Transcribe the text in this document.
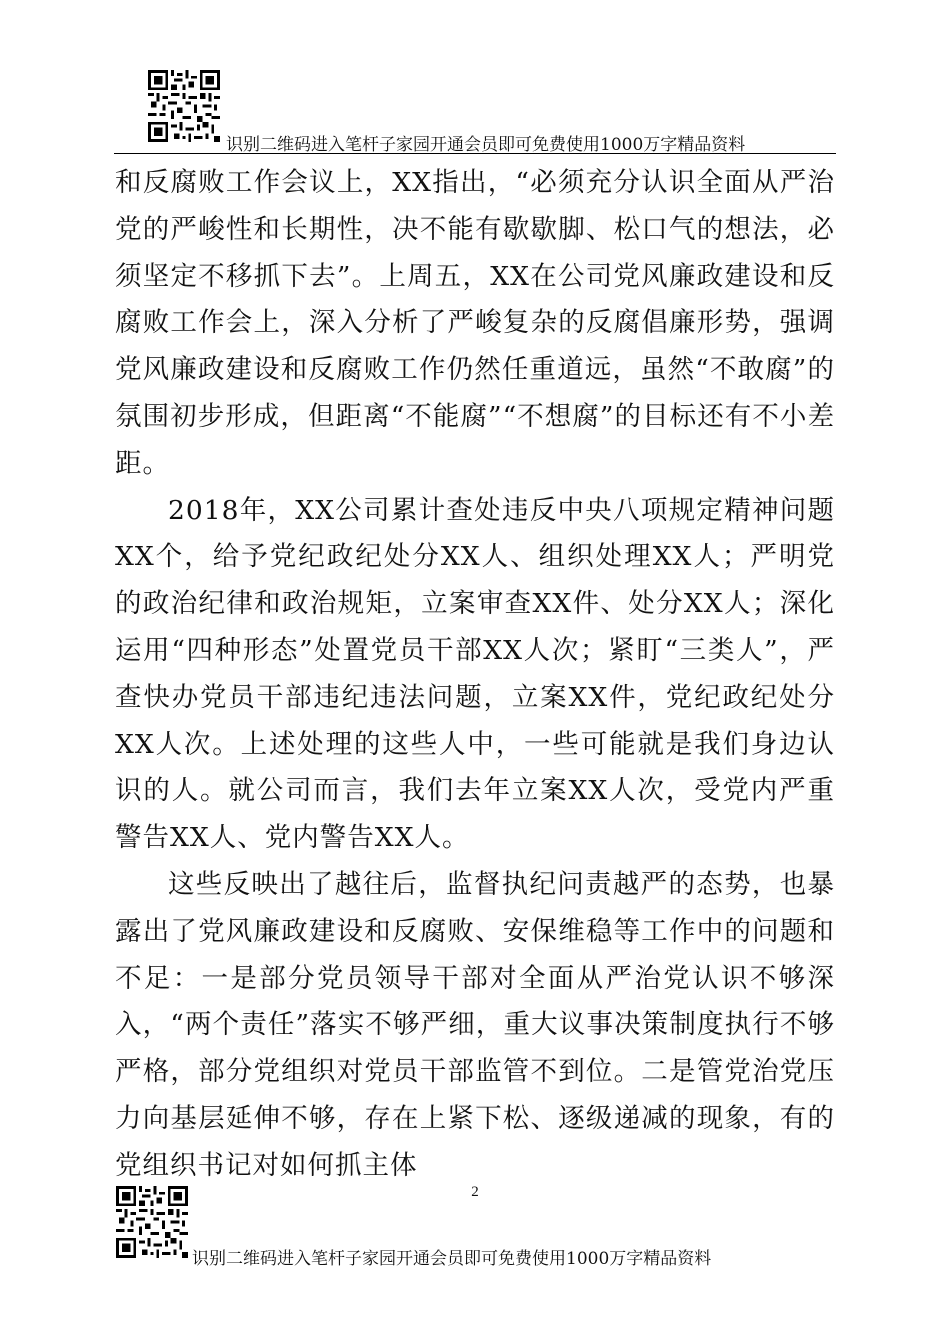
识别二维码进入笔杆子家园开通会员即可免费使用1000万字精品资料

和反腐败工作会议上，XX指出，“必须充分认识全面从严治党的严峻性和长期性，决不能有歇歇脚、松口气的想法，必须坚定不移抓下去”。上周五，XX在公司党风廉政建设和反腐败工作会上，深入分析了严峻复杂的反腐倡廉形势，强调党风廉政建设和反腐败工作仍然任重道远，虽然“不敢腐”的氛围初步形成，但距离“不能腐”“不想腐”的目标还有不小差距。

2018年，XX公司累计查处违反中央八项规定精神问题XX个，给予党纪政纪处分XX人、组织处理XX人；严明党的政治纪律和政治规矩，立案审查XX件、处分XX人；深化运用“四种形态”处置党员干部XX人次；紧盯“三类人”，严查快办党员干部违纪违法问题，立案XX件，党纪政纪处分XX人次。上述处理的这些人中，一些可能就是我们身边认识的人。就公司而言，我们去年立案XX人次，受党内严重警告XX人、党内警告XX人。

这些反映出了越往后，监督执纪问责越严的态势，也暴露出了党风廉政建设和反腐败、安保维稳等工作中的问题和不足：一是部分党员领导干部对全面从严治党认识不够深入，“两个责任”落实不够严细，重大议事决策制度执行不够严格，部分党组织对党员干部监管不到位。二是管党治党压力向基层延伸不够，存在上紧下松、逐级递减的现象，有的党组织书记对如何抓主体

2
识别二维码进入笔杆子家园开通会员即可免费使用1000万字精品资料
